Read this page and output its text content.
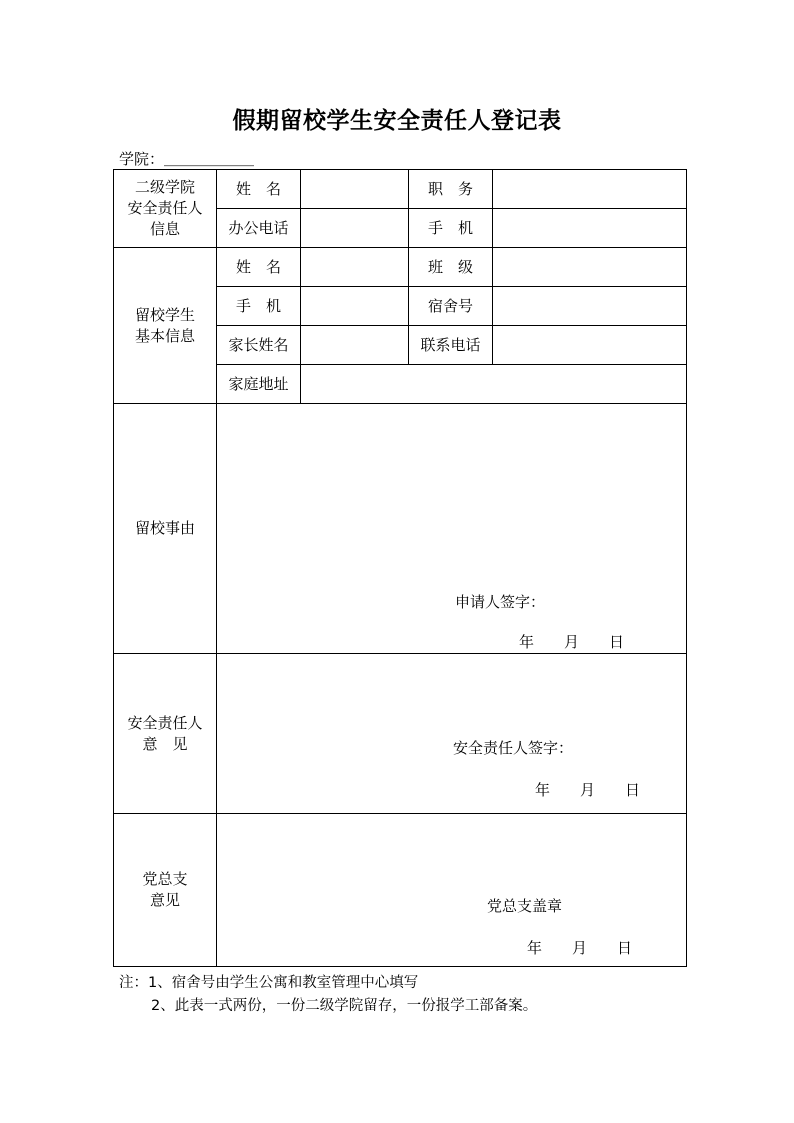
假期留校学生安全责任人登记表
学院：＿＿＿＿＿＿
二级学院
安全责任人
信息	姓　名		职　务	
	办公电话		手　机	
留校学生
基本信息	姓　名		班　级	
	手　机		宿舍号	
	家长姓名		联系电话	
	家庭地址			
留校事由	申请人签字：
年　　月　　日			

安全责任人
意　见	安全责任人签字：
年　　月　　日			

党总支
意见	党总支盖章
年　　月　　日			
注：1、宿舍号由学生公寓和教室管理中心填写
2、此表一式两份，一份二级学院留存，一份报学工部备案。
